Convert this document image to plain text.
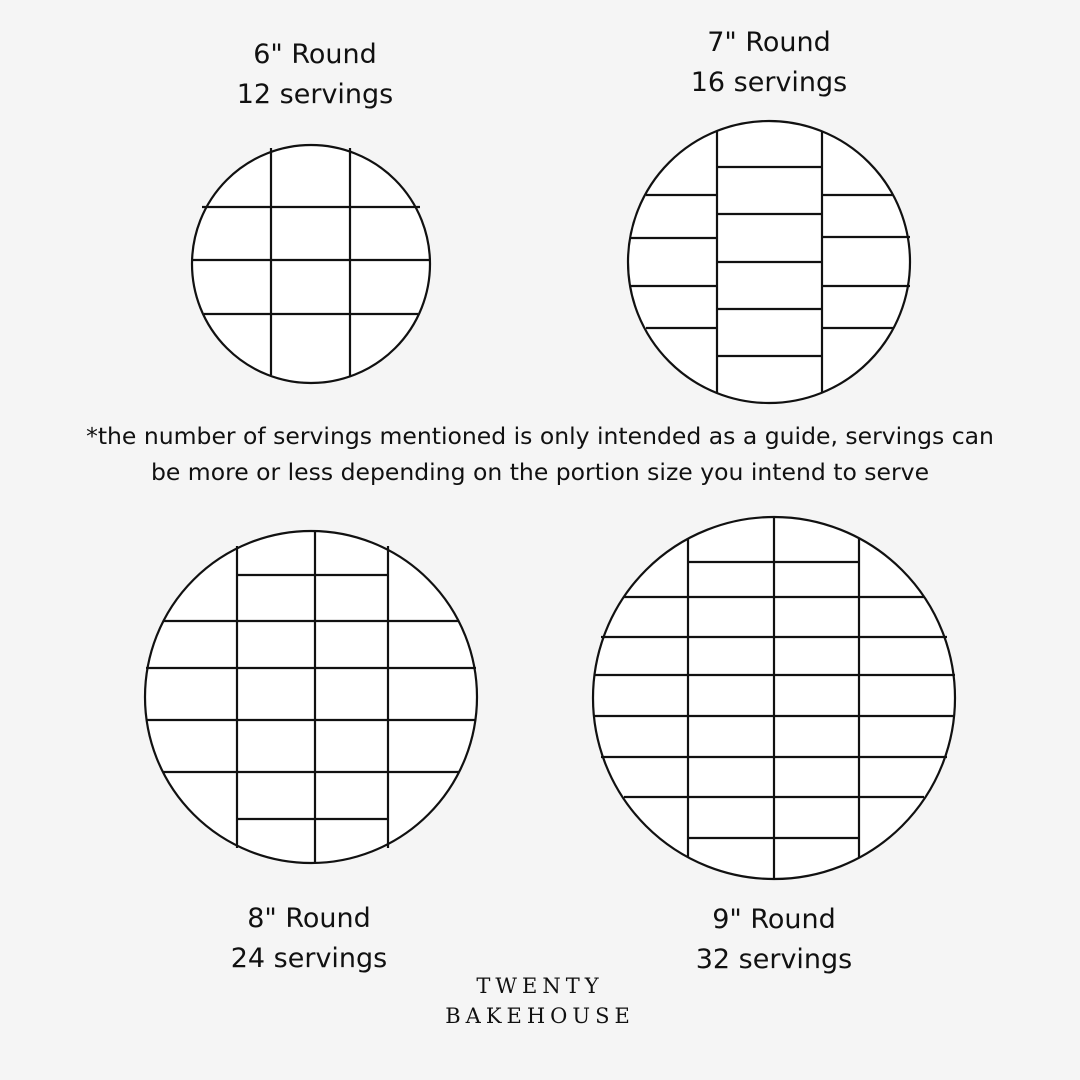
6" Round
12 servings
7" Round
16 servings
*the number of servings mentioned is only intended as a guide, servings can
be more or less depending on the portion size you intend to serve
8" Round
24 servings
9" Round
32 servings
TWENTY
BAKEHOUSE
